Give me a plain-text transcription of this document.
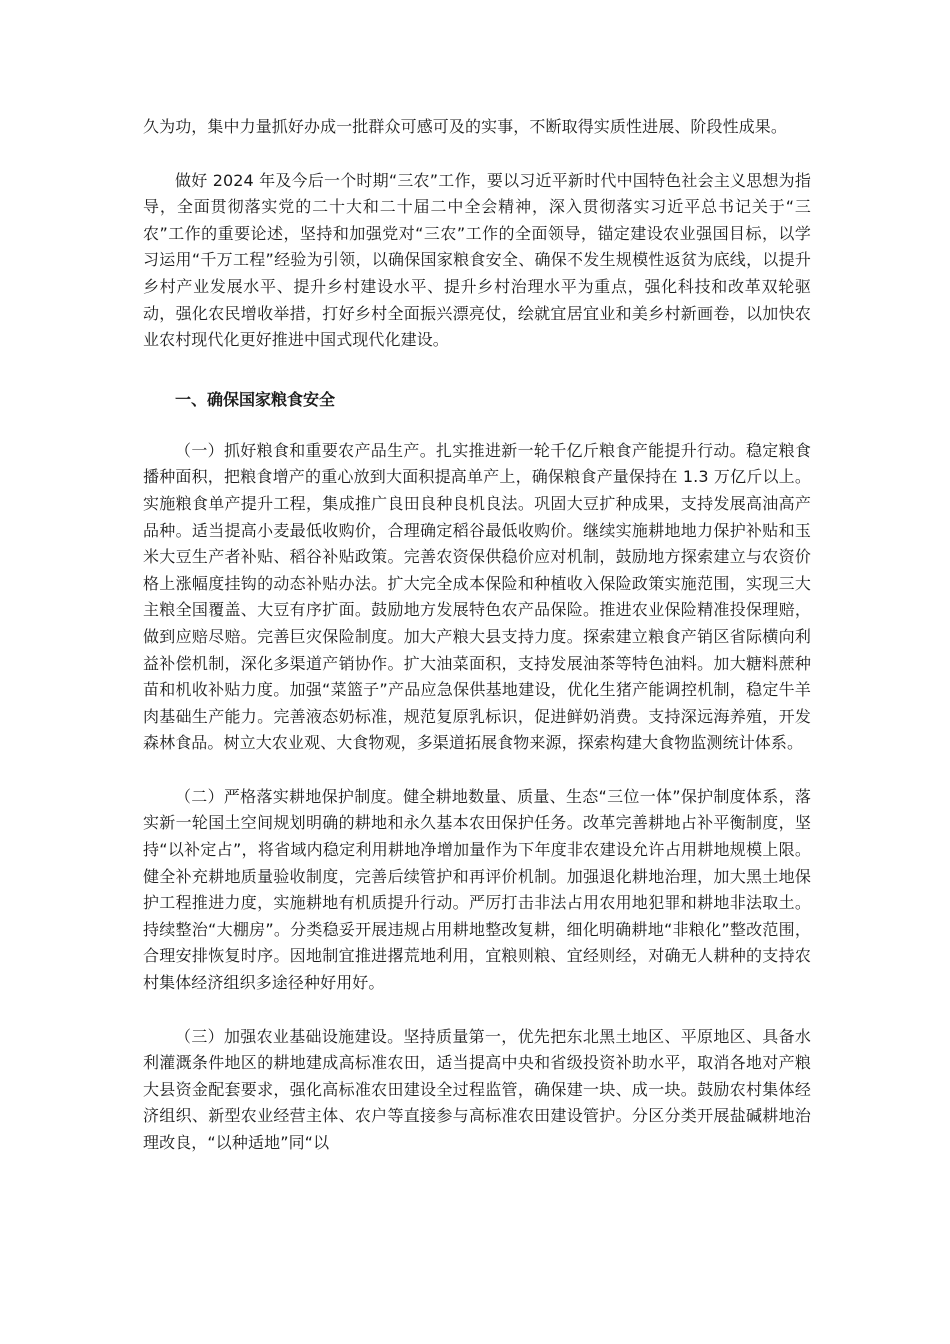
久为功，集中力量抓好办成一批群众可感可及的实事，不断取得实质性进展、阶段性成果。

做好 2024 年及今后一个时期“三农”工作，要以习近平新时代中国特色社会主义思想为指导，全面贯彻落实党的二十大和二十届二中全会精神，深入贯彻落实习近平总书记关于“三农”工作的重要论述，坚持和加强党对“三农”工作的全面领导，锚定建设农业强国目标，以学习运用“千万工程”经验为引领，以确保国家粮食安全、确保不发生规模性返贫为底线，以提升乡村产业发展水平、提升乡村建设水平、提升乡村治理水平为重点，强化科技和改革双轮驱动，强化农民增收举措，打好乡村全面振兴漂亮仗，绘就宜居宜业和美乡村新画卷，以加快农业农村现代化更好推进中国式现代化建设。

一、确保国家粮食安全

（一）抓好粮食和重要农产品生产。扎实推进新一轮千亿斤粮食产能提升行动。稳定粮食播种面积，把粮食增产的重心放到大面积提高单产上，确保粮食产量保持在 1.3 万亿斤以上。实施粮食单产提升工程，集成推广良田良种良机良法。巩固大豆扩种成果，支持发展高油高产品种。适当提高小麦最低收购价，合理确定稻谷最低收购价。继续实施耕地地力保护补贴和玉米大豆生产者补贴、稻谷补贴政策。完善农资保供稳价应对机制，鼓励地方探索建立与农资价格上涨幅度挂钩的动态补贴办法。扩大完全成本保险和种植收入保险政策实施范围，实现三大主粮全国覆盖、大豆有序扩面。鼓励地方发展特色农产品保险。推进农业保险精准投保理赔，做到应赔尽赔。完善巨灾保险制度。加大产粮大县支持力度。探索建立粮食产销区省际横向利益补偿机制，深化多渠道产销协作。扩大油菜面积，支持发展油茶等特色油料。加大糖料蔗种苗和机收补贴力度。加强“菜篮子”产品应急保供基地建设，优化生猪产能调控机制，稳定牛羊肉基础生产能力。完善液态奶标准，规范复原乳标识，促进鲜奶消费。支持深远海养殖，开发森林食品。树立大农业观、大食物观，多渠道拓展食物来源，探索构建大食物监测统计体系。

（二）严格落实耕地保护制度。健全耕地数量、质量、生态“三位一体”保护制度体系，落实新一轮国土空间规划明确的耕地和永久基本农田保护任务。改革完善耕地占补平衡制度，坚持“以补定占”，将省域内稳定利用耕地净增加量作为下年度非农建设允许占用耕地规模上限。健全补充耕地质量验收制度，完善后续管护和再评价机制。加强退化耕地治理，加大黑土地保护工程推进力度，实施耕地有机质提升行动。严厉打击非法占用农用地犯罪和耕地非法取土。持续整治“大棚房”。分类稳妥开展违规占用耕地整改复耕，细化明确耕地“非粮化”整改范围，合理安排恢复时序。因地制宜推进撂荒地利用，宜粮则粮、宜经则经，对确无人耕种的支持农村集体经济组织多途径种好用好。

（三）加强农业基础设施建设。坚持质量第一，优先把东北黑土地区、平原地区、具备水利灌溉条件地区的耕地建成高标准农田，适当提高中央和省级投资补助水平，取消各地对产粮大县资金配套要求，强化高标准农田建设全过程监管，确保建一块、成一块。鼓励农村集体经济组织、新型农业经营主体、农户等直接参与高标准农田建设管护。分区分类开展盐碱耕地治理改良，“以种适地”同“以
